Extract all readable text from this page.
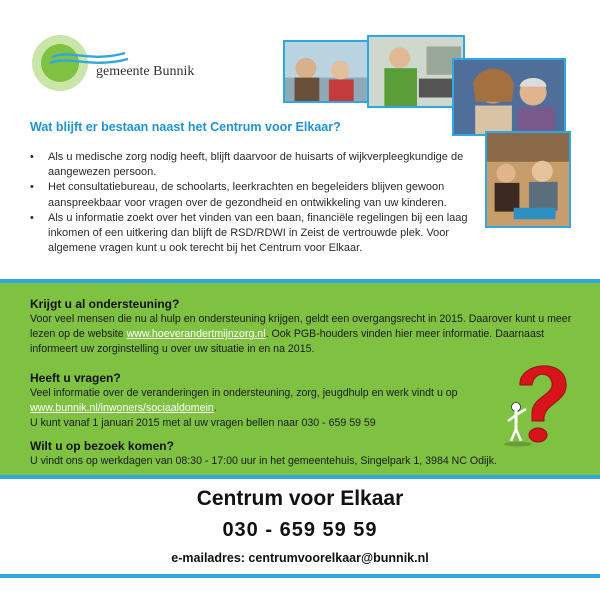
gemeente Bunnik
Wat blijft er bestaan naast het Centrum voor Elkaar?
• Als u medische zorg nodig heeft, blijft daarvoor de huisarts of wijkverpleegkundige de aangewezen persoon.
• Het consultatiebureau, de schoolarts, leerkrachten en begeleiders blijven gewoon aanspreekbaar voor vragen over de gezondheid en ontwikkeling van uw kinderen.
• Als u informatie zoekt over het vinden van een baan, financiële regelingen bij een laag inkomen of een uitkering dan blijft de RSD/RDWI in Zeist de vertrouwde plek. Voor algemene vragen kunt u ook terecht bij het Centrum voor Elkaar.
Krijgt u al ondersteuning?

Voor veel mensen die nu al hulp en ondersteuning krijgen, geldt een overgangsrecht in 2015. Daarover kunt u meer lezen op de website www.hoeverandertmijnzorg.nl. Ook PGB-houders vinden hier meer informatie. Daarnaast informeert uw zorginstelling u over uw situatie in en na 2015.

Heeft u vragen?

Veel informatie over de veranderingen in ondersteuning, zorg, jeugdhulp en werk vindt u op www.bunnik.nl/inwoners/sociaaldomein.

U kunt vanaf 1 januari 2015 met al uw vragen bellen naar 030 - 659 59 59

Wilt u op bezoek komen?

U vindt ons op werkdagen van 08:30 - 17:00 uur in het gemeentehuis, Singelpark 1, 3984 NC Odijk.

Centrum voor Elkaar
030 - 659 59 59
e-mailadres: centrumvoorelkaar@bunnik.nl
